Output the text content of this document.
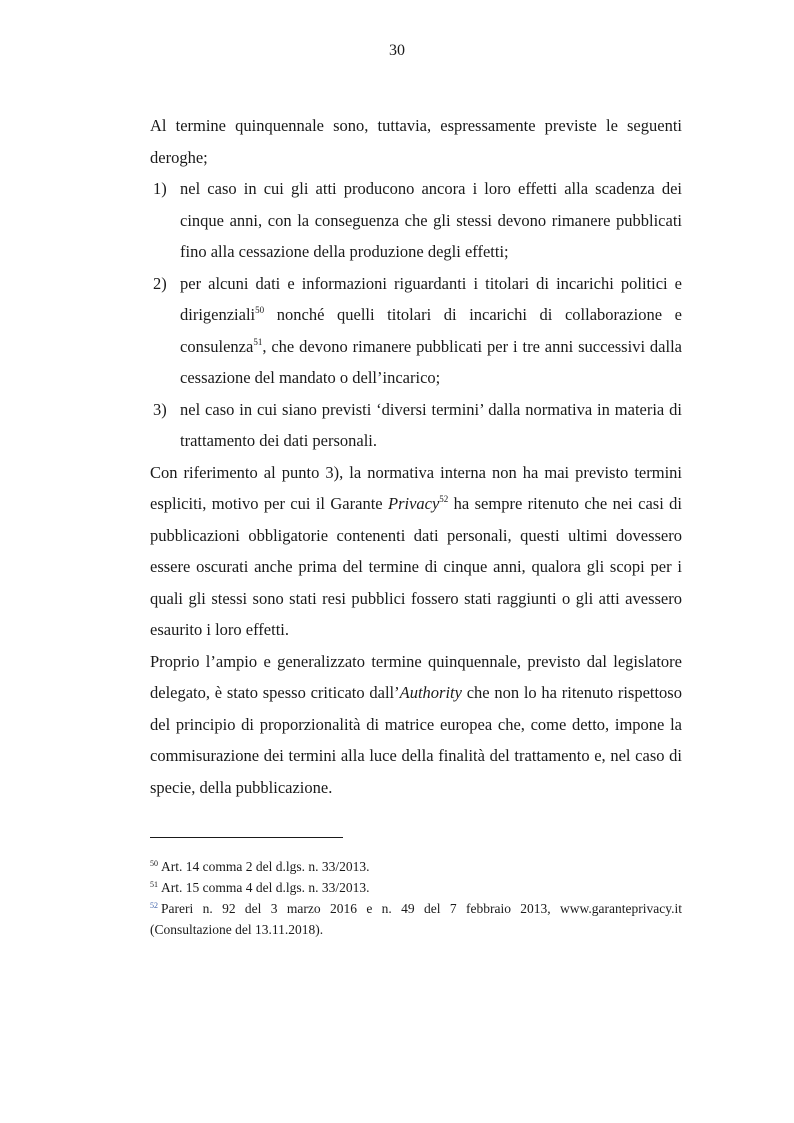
30

Al termine quinquennale sono, tuttavia, espressamente previste le seguenti deroghe;

1) nel caso in cui gli atti producono ancora i loro effetti alla scadenza dei cinque anni, con la conseguenza che gli stessi devono rimanere pubblicati fino alla cessazione della produzione degli effetti;
2) per alcuni dati e informazioni riguardanti i titolari di incarichi politici e dirigenziali$^{50}$ nonché quelli titolari di incarichi di collaborazione e consulenza$^{51}$, che devono rimanere pubblicati per i tre anni successivi dalla cessazione del mandato o dell’incarico;
3) nel caso in cui siano previsti ‘diversi termini’ dalla normativa in materia di trattamento dei dati personali.

Con riferimento al punto 3), la normativa interna non ha mai previsto termini espliciti, motivo per cui il Garante Privacy$^{52}$ ha sempre ritenuto che nei casi di pubblicazioni obbligatorie contenenti dati personali, questi ultimi dovessero essere oscurati anche prima del termine di cinque anni, qualora gli scopi per i quali gli stessi sono stati resi pubblici fossero stati raggiunti o gli atti avessero esaurito i loro effetti.

Proprio l’ampio e generalizzato termine quinquennale, previsto dal legislatore delegato, è stato spesso criticato dall’Authority che non lo ha ritenuto rispettoso del principio di proporzionalità di matrice europea che, come detto, impone la commisurazione dei termini alla luce della finalità del trattamento e, nel caso di specie, della pubblicazione.

$^{50}$ Art. 14 comma 2 del d.lgs. n. 33/2013.

$^{51}$ Art. 15 comma 4 del d.lgs. n. 33/2013.

$^{52}$ Pareri n. 92 del 3 marzo 2016 e n. 49 del 7 febbraio 2013, www.garanteprivacy.it (Consultazione del 13.11.2018).
